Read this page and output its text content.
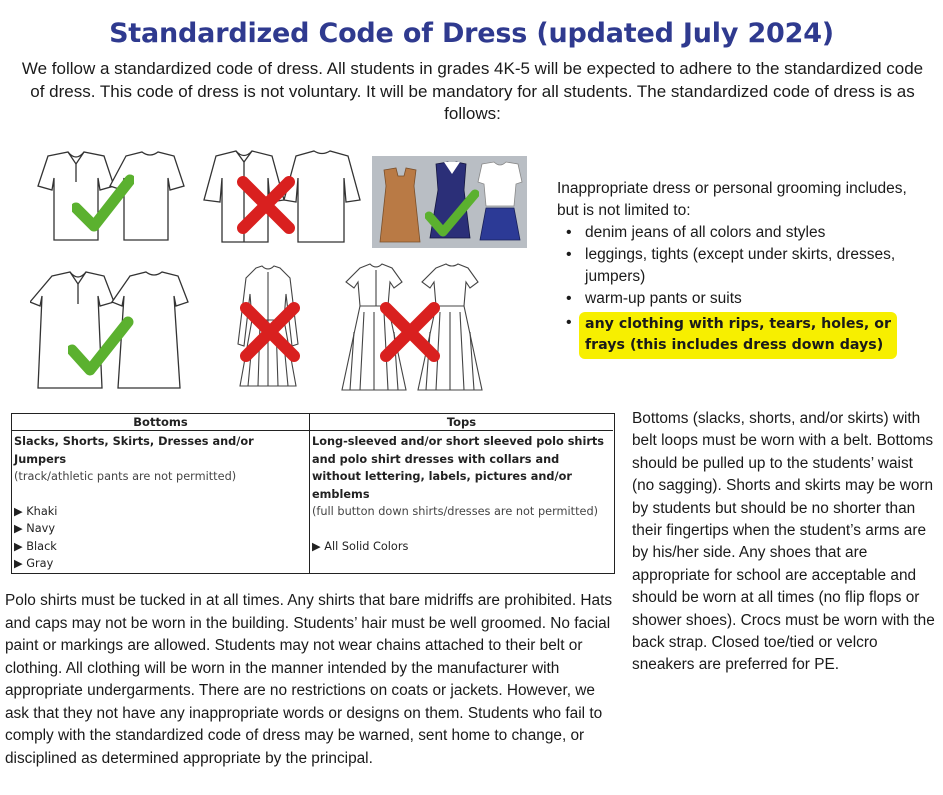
Standardized Code of Dress (updated July 2024)
We follow a standardized code of dress. All students in grades 4K-5 will be expected to adhere to the standardized code of dress. This code of dress is not voluntary. It will be mandatory for all students. The standardized code of dress is as follows:
Inappropriate dress or personal grooming includes, but is not limited to:
• denim jeans of all colors and styles
• leggings, tights (except under skirts, dresses, jumpers)
• warm-up pants or suits
• any clothing with rips, tears, holes, or
frays (this includes dress down days)
Bottoms	Tops
Slacks, Shorts, Skirts, Dresses and/or
Jumpers
(track/athletic pants are not permitted)

▶ Khaki
▶ Navy
▶ Black
▶ Gray
Long-sleeved and/or short sleeved polo shirts
and polo shirt dresses with collars and
without lettering, labels, pictures and/or
emblems
(full button down shirts/dresses are not permitted)

▶ All Solid Colors
Bottoms (slacks, shorts, and/or skirts) with belt loops must be worn with a belt. Bottoms should be pulled up to the students’ waist (no sagging). Shorts and skirts may be worn by students but should be no shorter than their fingertips when the student’s arms are by his/her side. Any shoes that are appropriate for school are acceptable and should be worn at all times (no flip flops or shower shoes). Crocs must be worn with the back strap. Closed toe/tied or velcro sneakers are preferred for PE.
Polo shirts must be tucked in at all times. Any shirts that bare midriffs are prohibited. Hats and caps may not be worn in the building. Students’ hair must be well groomed. No facial paint or markings are allowed. Students may not wear chains attached to their belt or clothing. All clothing will be worn in the manner intended by the manufacturer with appropriate undergarments. There are no restrictions on coats or jackets. However, we ask that they not have any inappropriate words or designs on them. Students who fail to comply with the standardized code of dress may be warned, sent home to change, or disciplined as determined appropriate by the principal.
